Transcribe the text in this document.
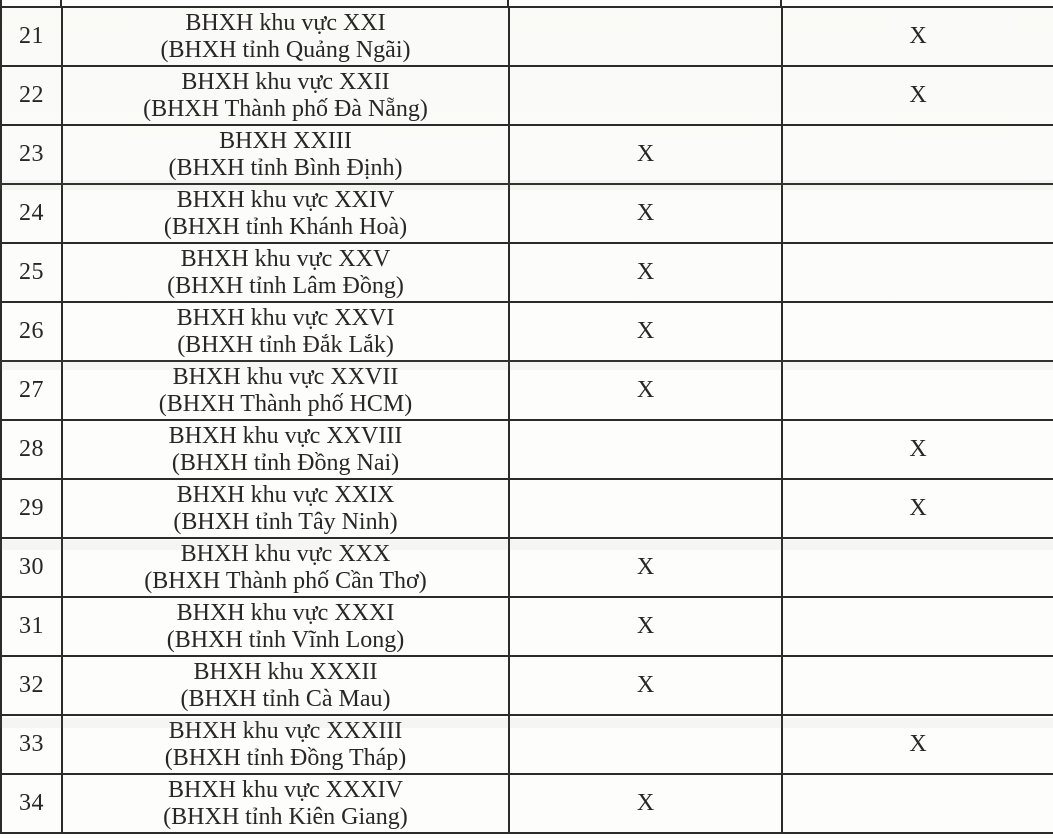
21	BHXH khu vực XXI
(BHXH tỉnh Quảng Ngãi)		X
22	BHXH khu vực XXII
(BHXH Thành phố Đà Nẵng)		X
23	BHXH XXIII
(BHXH tỉnh Bình Định)	X	
24	BHXH khu vực XXIV
(BHXH tỉnh Khánh Hoà)	X	
25	BHXH khu vực XXV
(BHXH tỉnh Lâm Đồng)	X	
26	BHXH khu vực XXVI
(BHXH tỉnh Đắk Lắk)	X	
27	BHXH khu vực XXVII
(BHXH Thành phố HCM)	X	
28	BHXH khu vực XXVIII
(BHXH tỉnh Đồng Nai)		X
29	BHXH khu vực XXIX
(BHXH tỉnh Tây Ninh)		X
30	BHXH khu vực XXX
(BHXH Thành phố Cần Thơ)	X	
31	BHXH khu vực XXXI
(BHXH tỉnh Vĩnh Long)	X	
32	BHXH khu XXXII
(BHXH tỉnh Cà Mau)	X	
33	BHXH khu vực XXXIII
(BHXH tỉnh Đồng Tháp)		X
34	BHXH khu vực XXXIV
(BHXH tỉnh Kiên Giang)	X	
